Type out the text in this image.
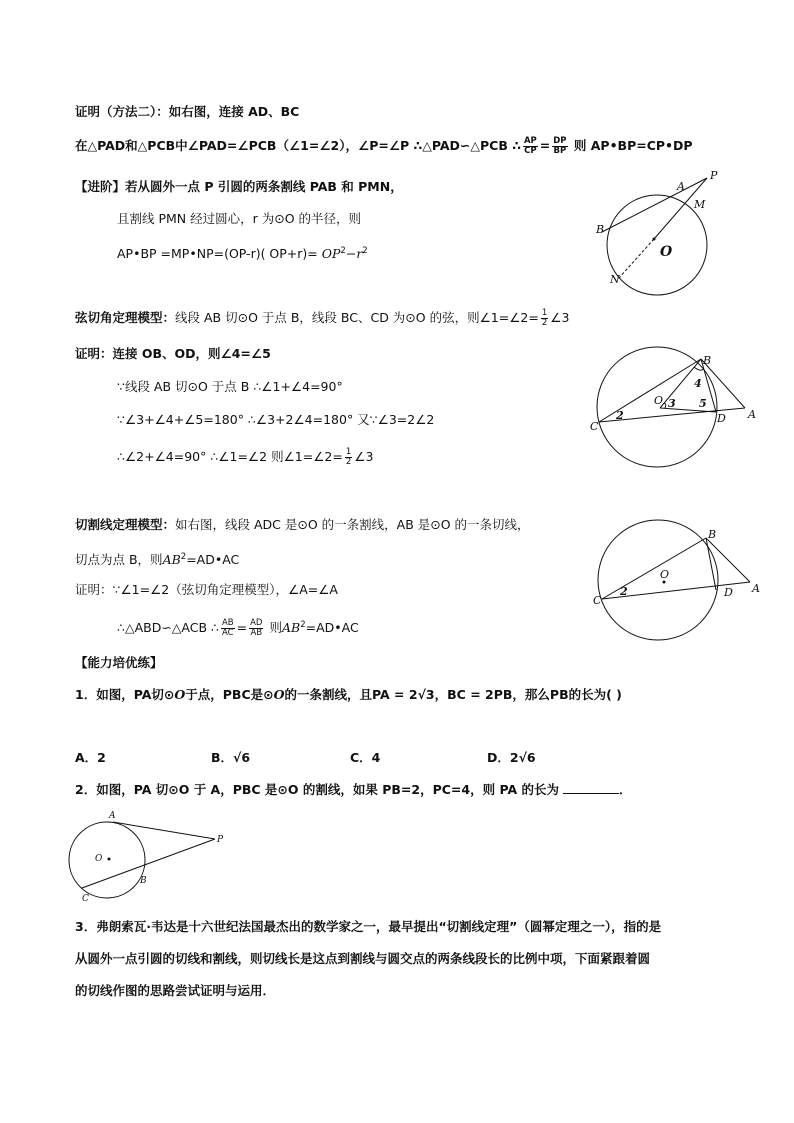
证明（方法二）：如右图，连接 AD、BC
在△PAD和△PCB中∠PAD=∠PCB（∠1=∠2），∠P=∠P ∴△PAD∽△PCB ∴ $\frac{AP}{CP} = \frac{DP}{BP}$ 则 AP•BP=CP•DP
【进阶】若从圆外一点 P 引圆的两条割线 PAB 和 PMN，
且割线 PMN 经过圆心，r 为⊙O 的半径，则
AP•BP =MP•NP=(OP-r)( $OP+r)= OP^2-r^2$
A
P
M
B
O
N
弦切角定理模型：线段 AB 切⊙O 于点 B，线段 BC、CD 为⊙O 的弦，则∠1=∠2= $\frac{1}{2}$ ∠3
证明：连接 OB、OD，则∠4=∠5
∵线段 AB 切⊙O 于点 B ∴∠1+∠4=90°
∵∠3+∠4+∠5=180° ∴∠3+2∠4=180° 又∵∠3=2∠2
∴∠2+∠4=90° ∴∠1=∠2 则∠1=∠2= $\frac{1}{2}$ ∠3
B
4
O 3 5
2
C
D A
切割线定理模型：如右图，线段 ADC 是⊙O 的一条割线，AB 是⊙O 的一条切线，
切点为点 B，则$AB^2=AD•AC$
证明：∵∠1=∠2（弦切角定理模型），∠A=∠A
∴△ABD∽△ACB ∴ $\frac{AB}{AC} = \frac{AD}{AB}$ 则$AB^2=AD•AC$
B
O
2
C
D A
【能力培优练】
1．如图，PA切⊙O于点，PBC是⊙O的一条割线，且PA = 2√3，BC = 2PB，那么PB的长为( )
A．2	B．√6	C．4	D．2√6
2．如图，PA 切⊙O 于 A，PBC 是⊙O 的割线，如果 PB=2，PC=4，则 PA 的长为	．
A
P
O
B
C
3．弗朗索瓦·韦达是十六世纪法国最杰出的数学家之一，最早提出“切割线定理”（圆幂定理之一），指的是
从圆外一点引圆的切线和割线，则切线长是这点到割线与圆交点的两条线段长的比例中项，下面紧跟着圆
的切线作图的思路尝试证明与运用．
